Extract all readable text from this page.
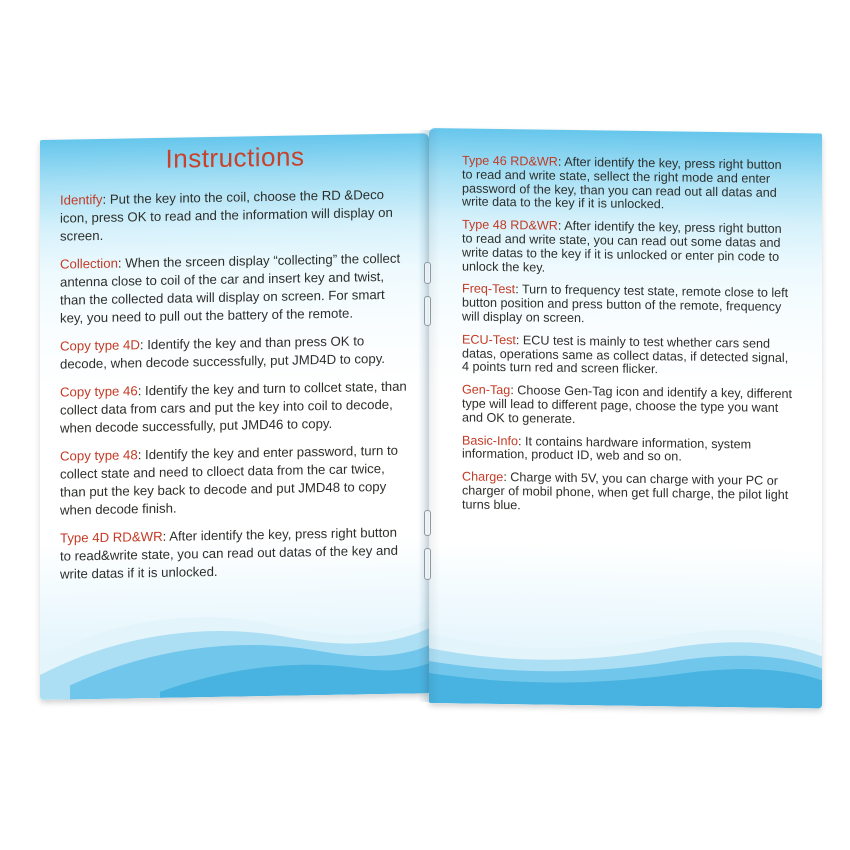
Instructions

Identify: Put the key into the coil, choose the RD &Deco icon, press OK to read and the information will display on screen.

Collection: When the srceen display “collecting” the collect antenna close to coil of the car and insert key and twist, than the collected data will display on screen. For smart key, you need to pull out the battery of the remote.

Copy type 4D: Identify the key and than press OK to decode, when decode successfully, put JMD4D to copy.

Copy type 46: Identify the key and turn to collcet state, than collect data from cars and put the key into coil to decode, when decode successfully, put JMD46 to copy.

Copy type 48: Identify the key and enter password, turn to collect state and need to clloect data from the car twice, than put the key back to decode and put JMD48 to copy when decode finish.

Type 4D RD&WR: After identify the key, press right button to read&write state, you can read out datas of the key and write datas if it is unlocked.

Type 46 RD&WR: After identify the key, press right button to read and write state, sellect the right mode and enter password of the key, than you can read out all datas and write data to the key if it is unlocked.

Type 48 RD&WR: After identify the key, press right button to read and write state, you can read out some datas and write datas to the key if it is unlocked or enter pin code to unlock the key.

Freq-Test: Turn to frequency test state, remote close to left button position and press button of the remote, frequency will display on screen.

ECU-Test: ECU test is mainly to test whether cars send datas, operations same as collect datas, if detected signal, 4 points turn red and screen flicker.

Gen-Tag: Choose Gen-Tag icon and identify a key, different type will lead to different page, choose the type you want and OK to generate.

Basic-Info: It contains hardware information, system information, product ID, web and so on.

Charge: Charge with 5V, you can charge with your PC or charger of mobil phone, when get full charge, the pilot light turns blue.
